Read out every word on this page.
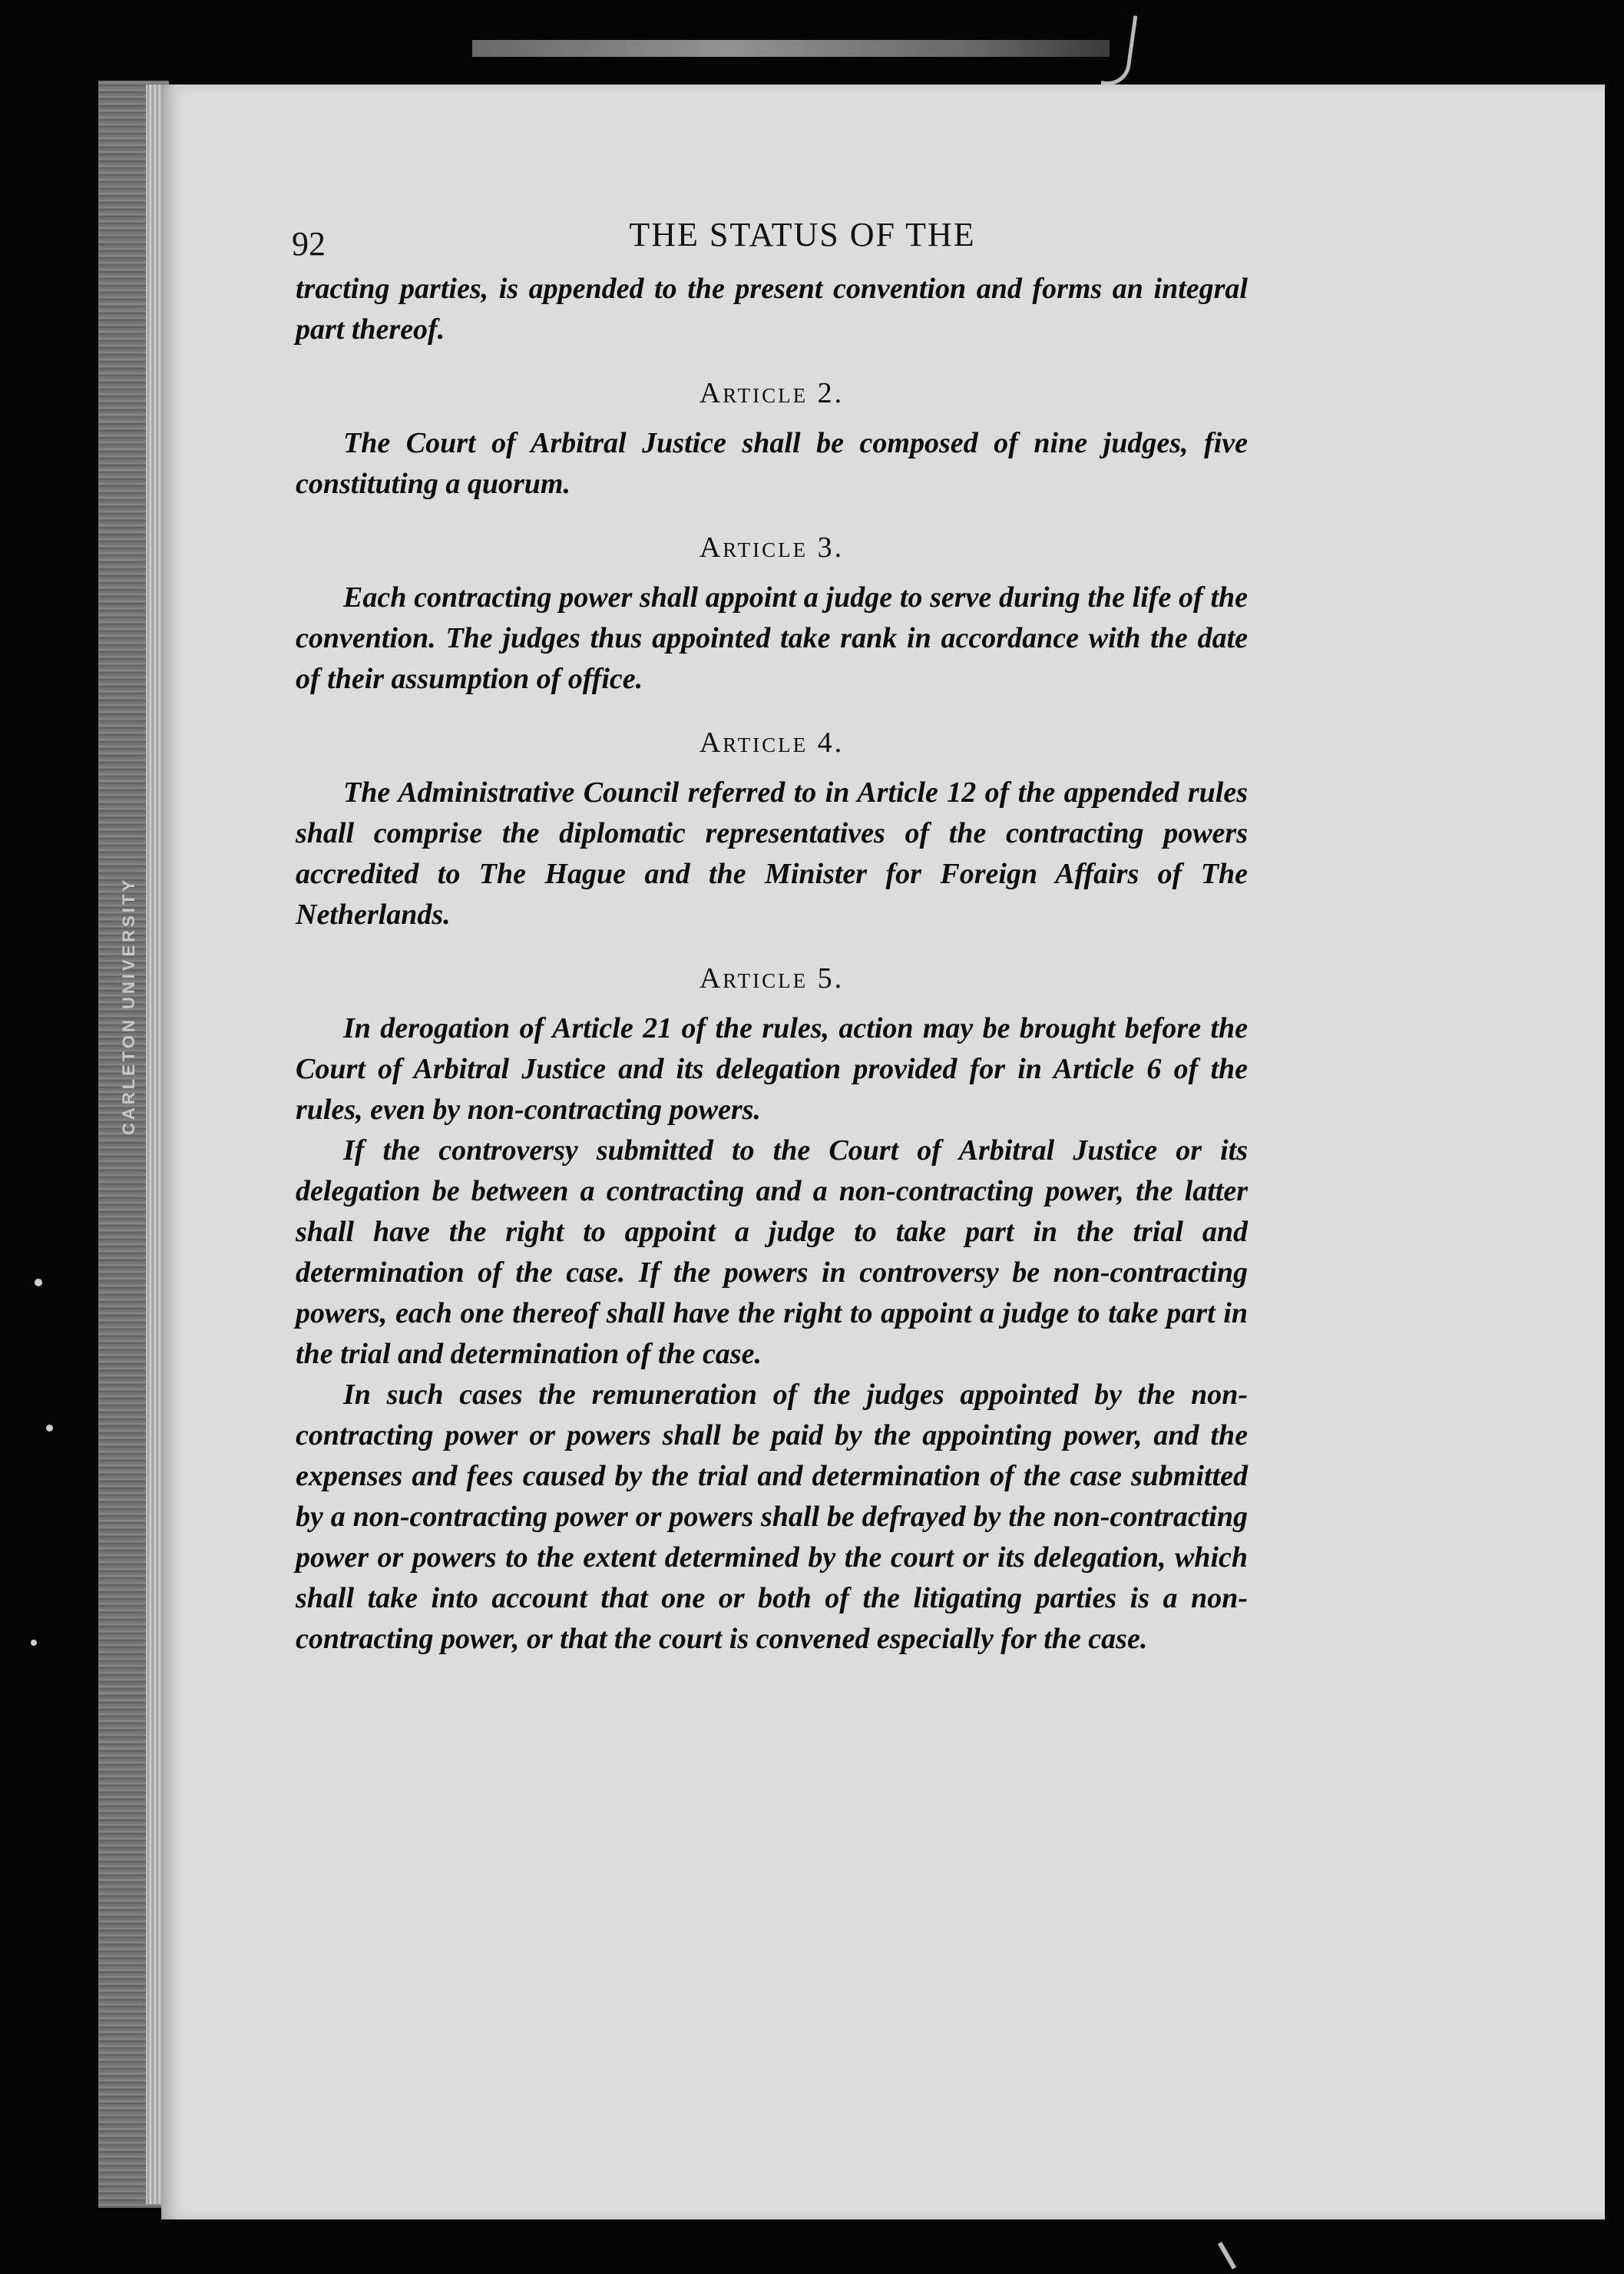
CARLETON UNIVERSITY
THE STATUS OF THE
92

tracting parties, is appended to the present convention and forms an integral part thereof.

Article 2.

The Court of Arbitral Justice shall be composed of nine judges, five constituting a quorum.

Article 3.

Each contracting power shall appoint a judge to serve during the life of the convention. The judges thus appointed take rank in accordance with the date of their assumption of office.

Article 4.

The Administrative Council referred to in Article 12 of the appended rules shall comprise the diplomatic representatives of the contracting powers accredited to The Hague and the Minister for Foreign Affairs of The Netherlands.

Article 5.

In derogation of Article 21 of the rules, action may be brought before the Court of Arbitral Justice and its delegation provided for in Article 6 of the rules, even by non-contracting powers.

If the controversy submitted to the Court of Arbitral Justice or its delegation be between a contracting and a non-contracting power, the latter shall have the right to appoint a judge to take part in the trial and determination of the case. If the powers in controversy be non-contracting powers, each one thereof shall have the right to appoint a judge to take part in the trial and determination of the case.

In such cases the remuneration of the judges appointed by the non-contracting power or powers shall be paid by the appointing power, and the expenses and fees caused by the trial and determination of the case submitted by a non-contracting power or powers shall be defrayed by the non-contracting power or powers to the extent determined by the court or its delegation, which shall take into account that one or both of the litigating parties is a non-contracting power, or that the court is convened especially for the case.
